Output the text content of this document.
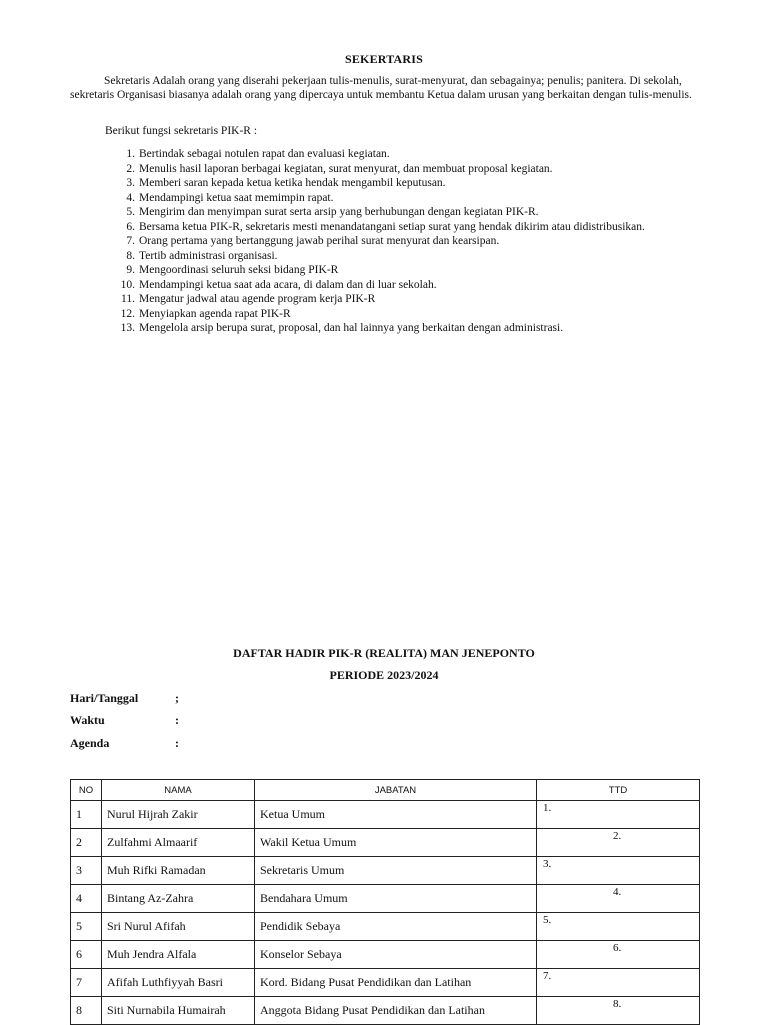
SEKERTARIS

Sekretaris Adalah orang yang diserahi pekerjaan tulis-menulis, surat-menyurat, dan sebagainya; penulis; panitera. Di sekolah, sekretaris Organisasi biasanya adalah orang yang dipercaya untuk membantu Ketua dalam urusan yang berkaitan dengan tulis-menulis.

Berikut fungsi sekretaris PIK-R :

1. Bertindak sebagai notulen rapat dan evaluasi kegiatan.
2. Menulis hasil laporan berbagai kegiatan, surat menyurat, dan membuat proposal kegiatan.
3. Memberi saran kepada ketua ketika hendak mengambil keputusan.
4. Mendampingi ketua saat memimpin rapat.
5. Mengirim dan menyimpan surat serta arsip yang berhubungan dengan kegiatan PIK-R.
6. Bersama ketua PIK-R, sekretaris mesti menandatangani setiap surat yang hendak dikirim atau didistribusikan.
7. Orang pertama yang bertanggung jawab perihal surat menyurat dan kearsipan.
8. Tertib administrasi organisasi.
9. Mengoordinasi seluruh seksi bidang PIK-R
10. Mendampingi ketua saat ada acara, di dalam dan di luar sekolah.
11. Mengatur jadwal atau agende program kerja PIK-R
12. Menyiapkan agenda rapat PIK-R
13. Mengelola arsip berupa surat, proposal, dan hal lainnya yang berkaitan dengan administrasi.
DAFTAR HADIR PIK-R (REALITA) MAN JENEPONTO
PERIODE 2023/2024
Hari/Tanggal	;
Waktu	:
Agenda	:
NO	NAMA	JABATAN	TTD
1	Nurul Hijrah Zakir	Ketua Umum	1.

2	Zulfahmi Almaarif	Wakil Ketua Umum	2.

3	Muh Rifki Ramadan	Sekretaris Umum	3.

4	Bintang Az-Zahra	Bendahara Umum	4.

5	Sri Nurul Afifah	Pendidik Sebaya	5.

6	Muh Jendra Alfala	Konselor Sebaya	6.

7	Afifah Luthfiyyah Basri	Kord. Bidang Pusat Pendidikan dan Latihan	7.

8	Siti Nurnabila Humairah	Anggota Bidang Pusat Pendidikan dan Latihan	8.
